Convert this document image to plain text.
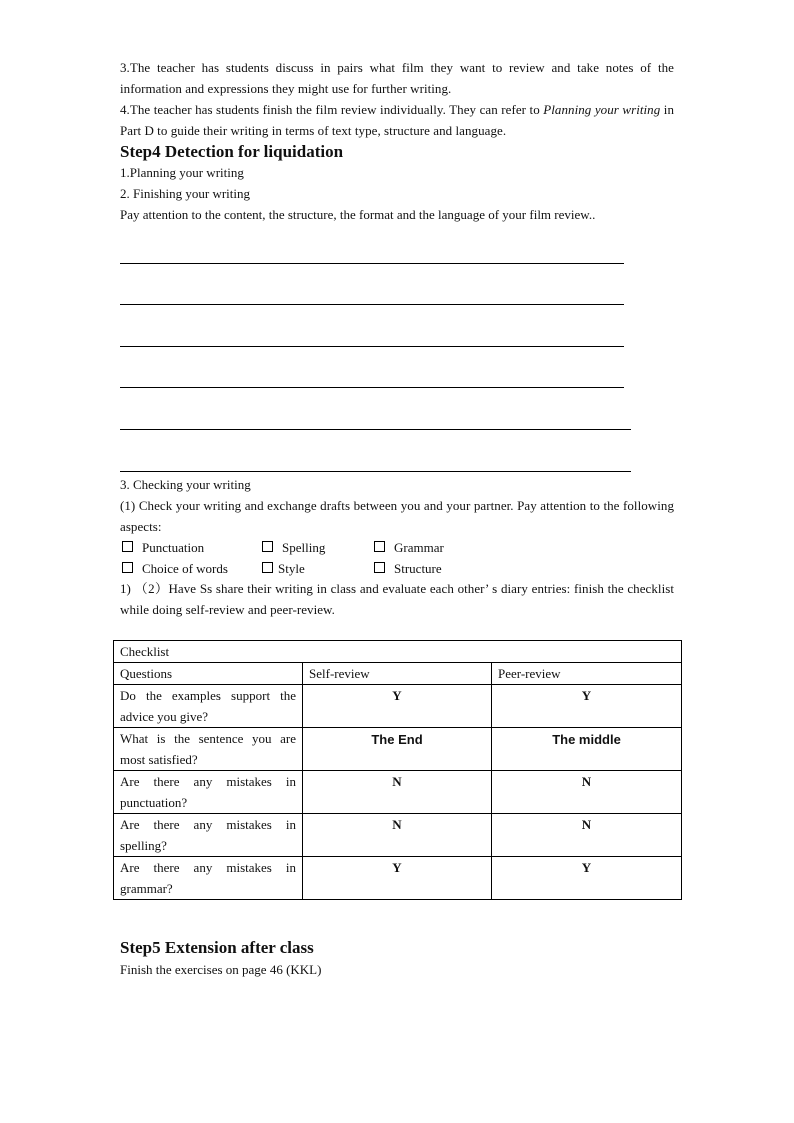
3.The teacher has students discuss in pairs what film they want to review and take notes of the information and expressions they might use for further writing.
4.The teacher has students finish the film review individually. They can refer to Planning your writing in Part D to guide their writing in terms of text type, structure and language.
Step4 Detection for liquidation
1.Planning your writing
2. Finishing your writing
Pay attention to the content, the structure, the format and the language of your film review..
3. Checking your writing
(1) Check your writing and exchange drafts between you and your partner. Pay attention to the following aspects:
Punctuation	Spelling	Grammar
Choice of words	Style	Structure
1) （2）Have Ss share their writing in class and evaluate each other’ s diary entries: finish the checklist while doing self-review and peer-review.
Checklist		
Questions	Self-review	Peer-review
Do the examples support the advice you give?	Y	Y
What is the sentence you are most satisfied?	The End	The middle
Are there any mistakes in punctuation?	N	N
Are there any mistakes in spelling?	N	N
Are there any mistakes in grammar?	Y	Y
Step5 Extension after class
Finish the exercises on page 46 (KKL)
